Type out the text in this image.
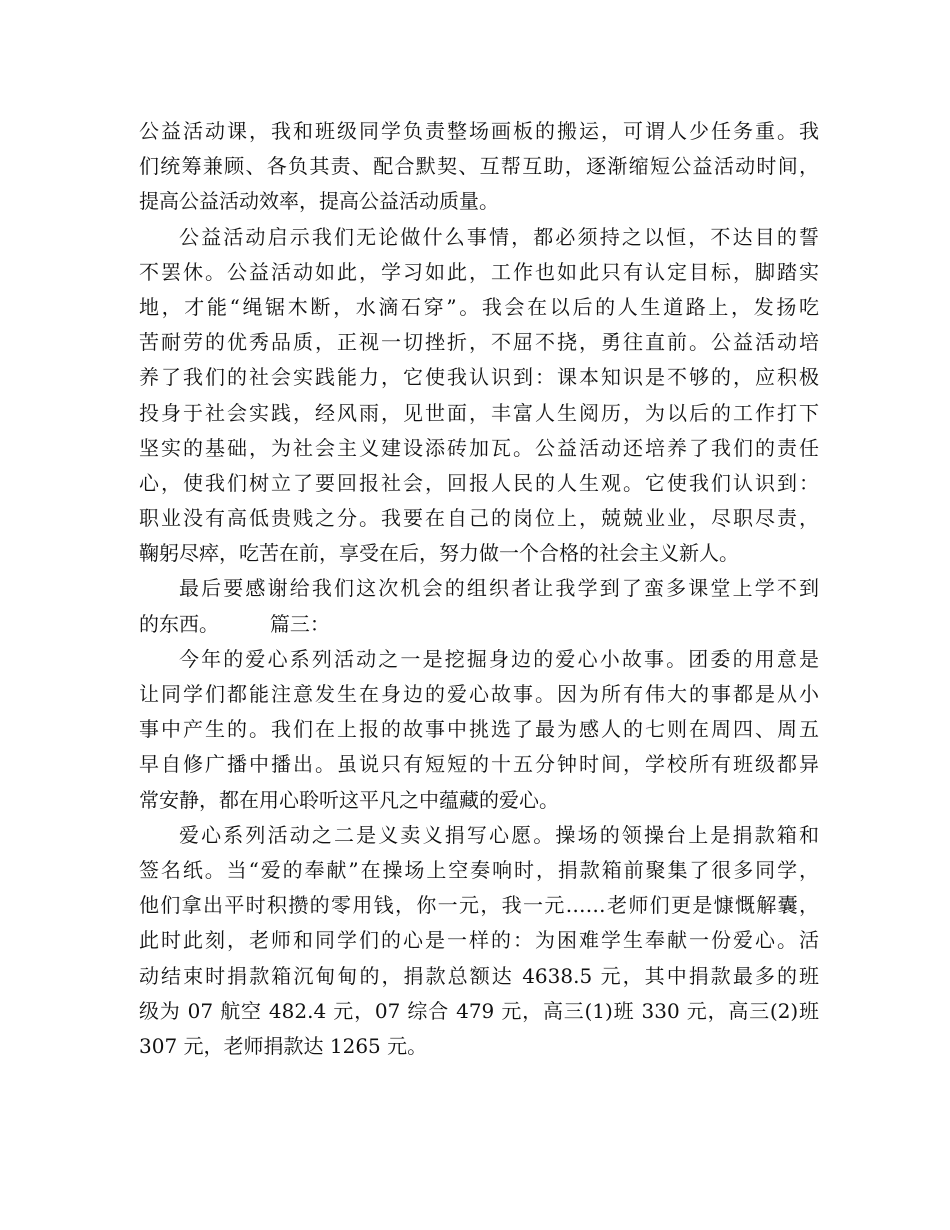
公益活动课，我和班级同学负责整场画板的搬运，可谓人少任务重。我
们统筹兼顾、各负其责、配合默契、互帮互助，逐渐缩短公益活动时间，
提高公益活动效率，提高公益活动质量。
公益活动启示我们无论做什么事情，都必须持之以恒，不达目的誓
不罢休。公益活动如此，学习如此，工作也如此只有认定目标，脚踏实
地，才能“绳锯木断，水滴石穿”。我会在以后的人生道路上，发扬吃
苦耐劳的优秀品质，正视一切挫折，不屈不挠，勇往直前。公益活动培
养了我们的社会实践能力，它使我认识到：课本知识是不够的，应积极
投身于社会实践，经风雨，见世面，丰富人生阅历，为以后的工作打下
坚实的基础，为社会主义建设添砖加瓦。公益活动还培养了我们的责任
心，使我们树立了要回报社会，回报人民的人生观。它使我们认识到：
职业没有高低贵贱之分。我要在自己的岗位上，兢兢业业，尽职尽责，
鞠躬尽瘁，吃苦在前，享受在后，努力做一个合格的社会主义新人。
最后要感谢给我们这次机会的组织者让我学到了蛮多课堂上学不到
的东西。        篇三：
今年的爱心系列活动之一是挖掘身边的爱心小故事。团委的用意是
让同学们都能注意发生在身边的爱心故事。因为所有伟大的事都是从小
事中产生的。我们在上报的故事中挑选了最为感人的七则在周四、周五
早自修广播中播出。虽说只有短短的十五分钟时间，学校所有班级都异
常安静，都在用心聆听这平凡之中蕴藏的爱心。
爱心系列活动之二是义卖义捐写心愿。操场的领操台上是捐款箱和
签名纸。当“爱的奉献”在操场上空奏响时，捐款箱前聚集了很多同学，
他们拿出平时积攒的零用钱，你一元，我一元……老师们更是慷慨解囊，
此时此刻，老师和同学们的心是一样的：为困难学生奉献一份爱心。活
动结束时捐款箱沉甸甸的，捐款总额达 4638.5 元，其中捐款最多的班
级为 07 航空 482.4 元，07 综合 479 元，高三(1)班 330 元，高三(2)班
307 元，老师捐款达 1265 元。
